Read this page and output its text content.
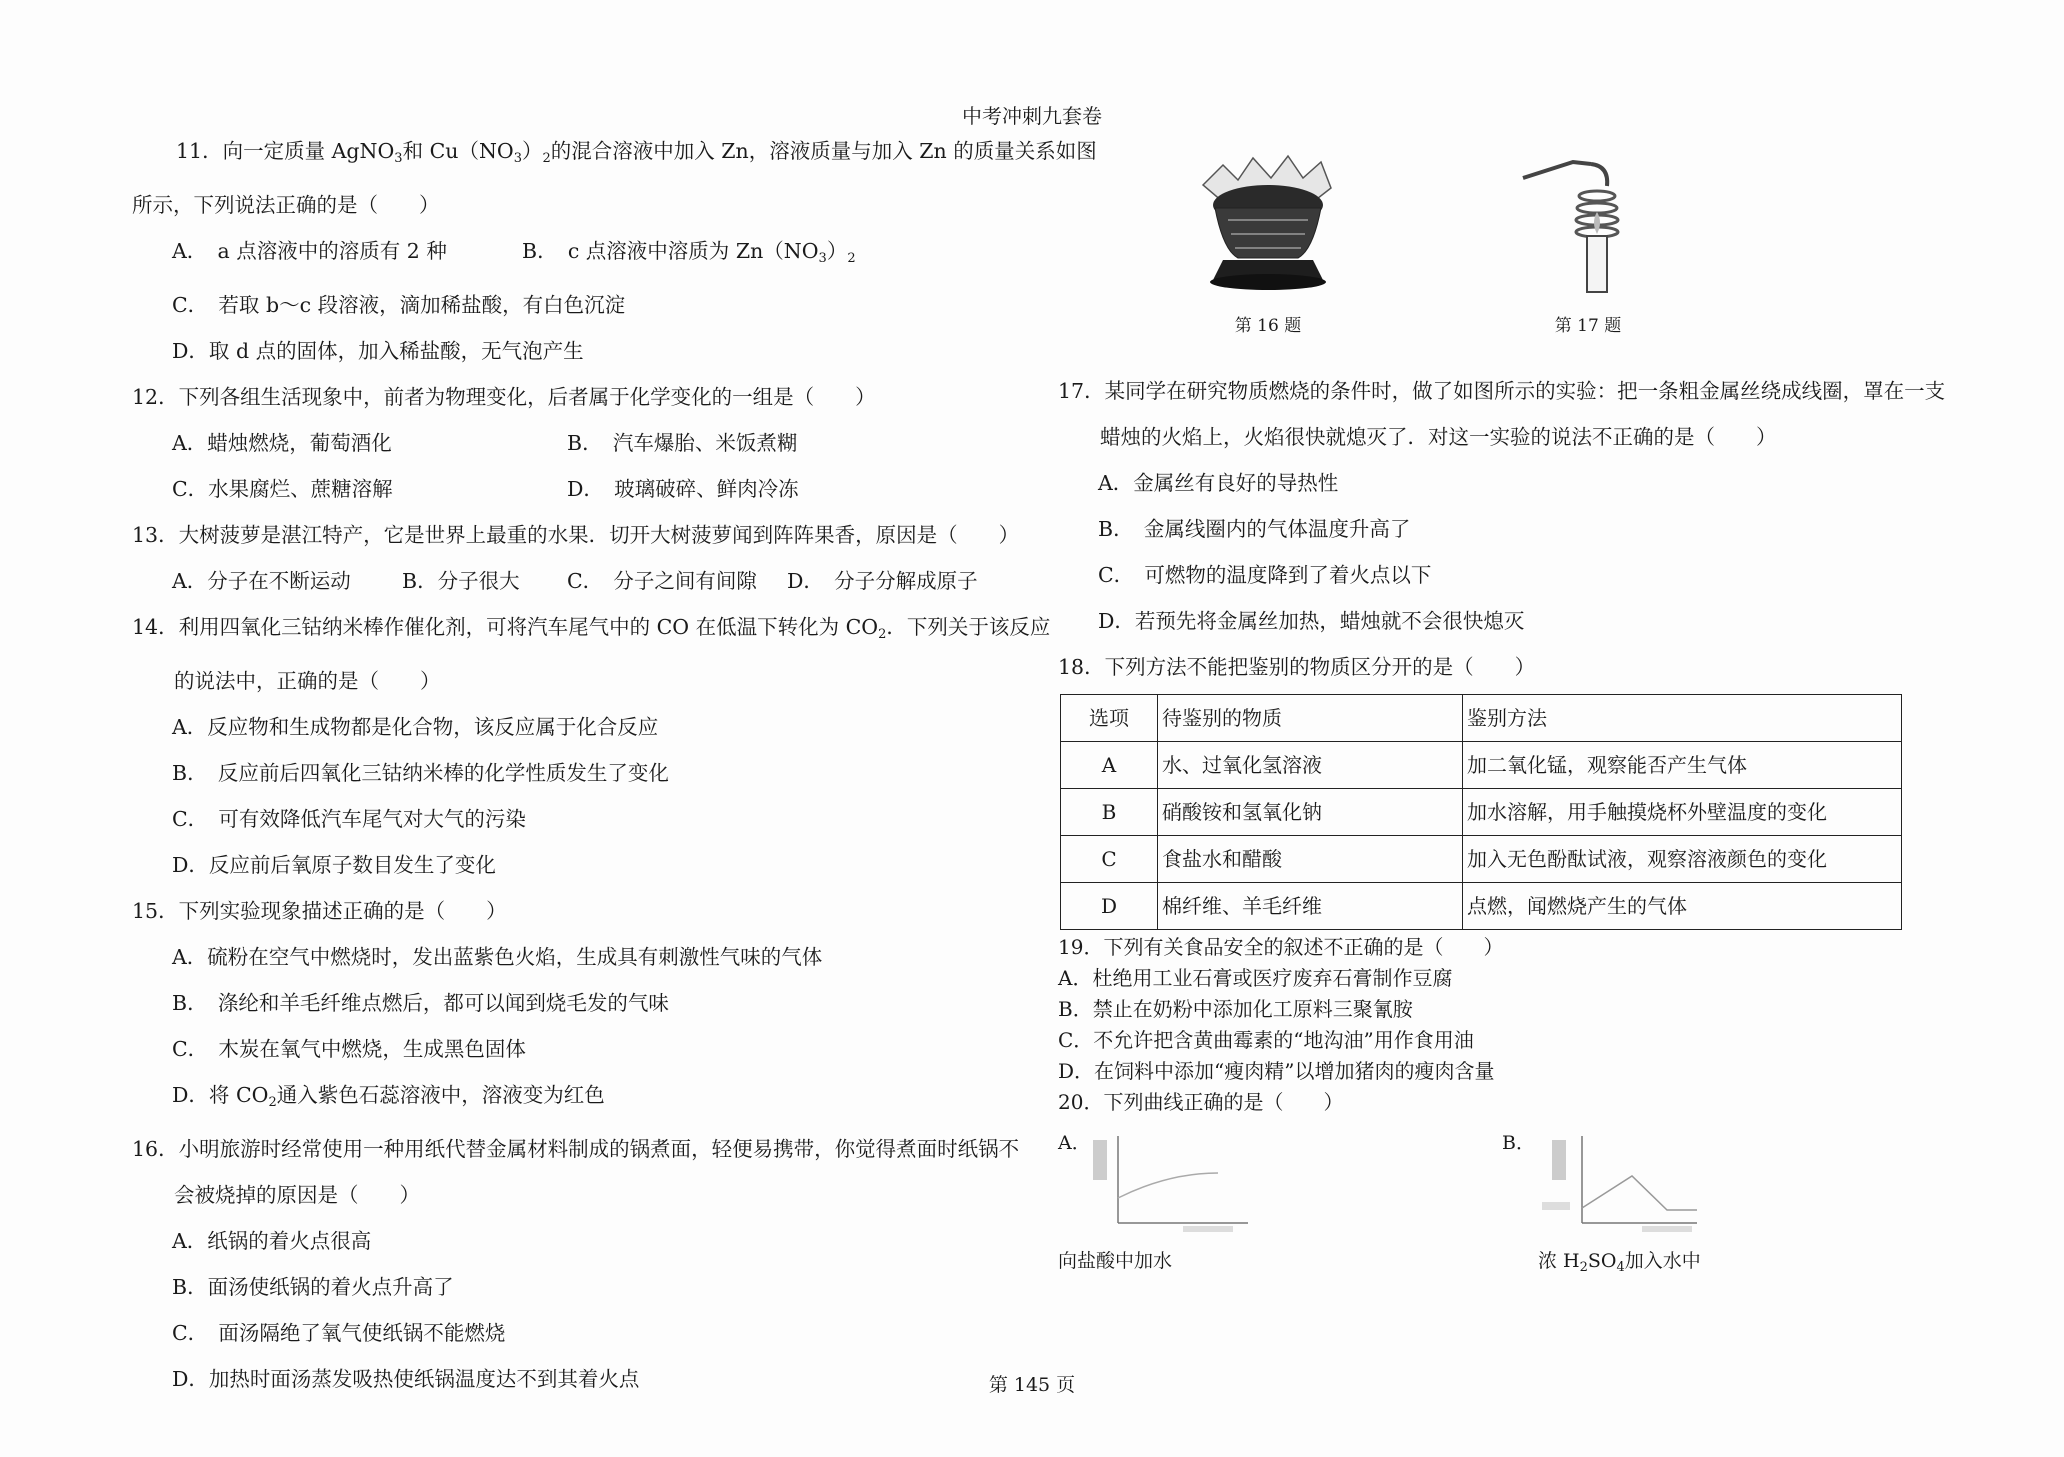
中考冲刺九套卷
11．向一定质量 AgNO$_3$和 $Cu(NO_3)_2$的混合溶液中加入 Zn，溶液质量与加入 Zn 的质量关系如图
所示，下列说法正确的是（　　）
A．　a 点溶液中的溶质有 2 种	B．　c 点溶液中溶质为 $Zn(NO_3)_2$
C．　若取 b～c 段溶液，滴加稀盐酸，有白色沉淀
D．取 d 点的固体，加入稀盐酸，无气泡产生
12．下列各组生活现象中，前者为物理变化，后者属于化学变化的一组是（　　）
A．蜡烛燃烧，葡萄酒化	B．　汽车爆胎、米饭煮糊
C．水果腐烂、蔗糖溶解	D．　玻璃破碎、鲜肉冷冻
13．大树菠萝是湛江特产，它是世界上最重的水果．切开大树菠萝闻到阵阵果香，原因是（　　）
A．分子在不断运动	B．分子很大	C．　分子之间有间隙	D．　分子分解成原子
14．利用四氧化三钴纳米棒作催化剂，可将汽车尾气中的 CO 在低温下转化为 $CO_2$．下列关于该反应
的说法中，正确的是（　　）
A．反应物和生成物都是化合物，该反应属于化合反应
B．　反应前后四氧化三钴纳米棒的化学性质发生了变化
C．　可有效降低汽车尾气对大气的污染
D．反应前后氧原子数目发生了变化
15．下列实验现象描述正确的是（　　）
A．硫粉在空气中燃烧时，发出蓝紫色火焰，生成具有刺激性气味的气体
B．　涤纶和羊毛纤维点燃后，都可以闻到烧毛发的气味
C．　木炭在氧气中燃烧，生成黑色固体
D．将 $CO_2$通入紫色石蕊溶液中，溶液变为红色
16．小明旅游时经常使用一种用纸代替金属材料制成的锅煮面，轻便易携带，你觉得煮面时纸锅不
会被烧掉的原因是（　　）
A．纸锅的着火点很高
B．面汤使纸锅的着火点升高了
C．　面汤隔绝了氧气使纸锅不能燃烧
D．加热时面汤蒸发吸热使纸锅温度达不到其着火点
第 16 题	第 17 题
17．某同学在研究物质燃烧的条件时，做了如图所示的实验：把一条粗金属丝绕成线圈，罩在一支
蜡烛的火焰上，火焰很快就熄灭了．对这一实验的说法不正确的是（　　）
A．金属丝有良好的导热性
B．　金属线圈内的气体温度升高了
C．　可燃物的温度降到了着火点以下
D．若预先将金属丝加热，蜡烛就不会很快熄灭
18．下列方法不能把鉴别的物质区分开的是（　　）
选项	待鉴别的物质	鉴别方法
A	水、过氧化氢溶液	加二氧化锰，观察能否产生气体
B	硝酸铵和氢氧化钠	加水溶解，用手触摸烧杯外壁温度的变化
C	食盐水和醋酸	加入无色酚酞试液，观察溶液颜色的变化
D	棉纤维、羊毛纤维	点燃，闻燃烧产生的气体
19．下列有关食品安全的叙述不正确的是（　　）
A．杜绝用工业石膏或医疗废弃石膏制作豆腐
B．禁止在奶粉中添加化工原料三聚氰胺
C．不允许把含黄曲霉素的“地沟油”用作食用油
D．在饲料中添加“瘦肉精”以增加猪肉的瘦肉含量
20．下列曲线正确的是（　　）
A．
向盐酸中加水
B．
浓 $H_2SO_4$加入水中
第 145 页
